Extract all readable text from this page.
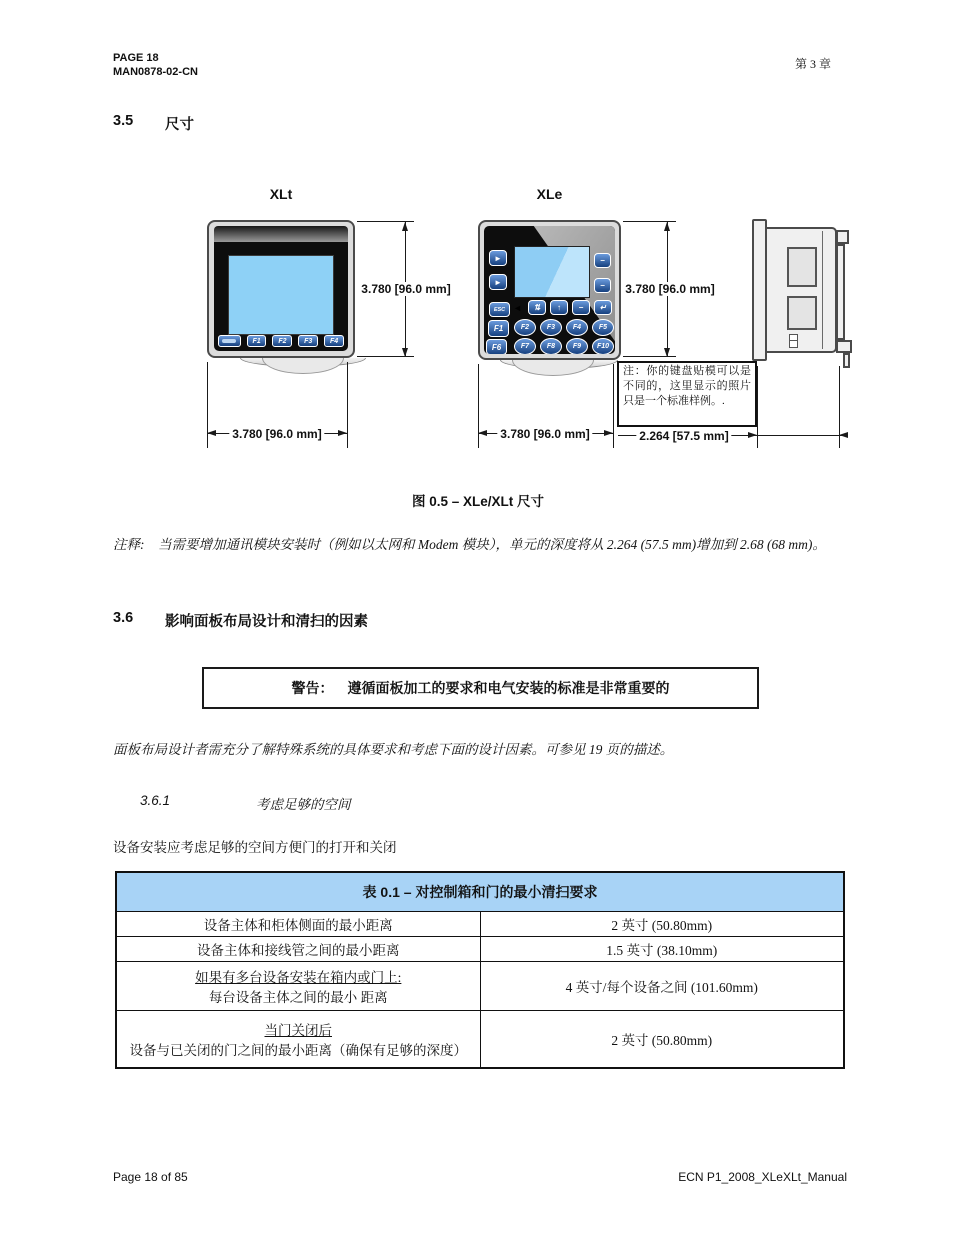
PAGE 18
MAN0878-02-CN
第 3 章
3.5 尺寸
XLt	XLe
F1	F2	F3	F4
►
►
−
−
ESC ◄	⇅	↑	−	↵
F1	F2	F3	F4	F5
F6	F7	F8	F9	F10
3.780 [96.0 mm]
3.780 [96.0 mm]
3.780 [96.0 mm]
3.780 [96.0 mm]	2.264 [57.5 mm]
注：你的键盘贴模可以是不同的，这里显示的照片只是一个标准样例。.
图 0.5 – XLe/XLt 尺寸
注释: 当需要增加通讯模块安装时（例如以太网和 Modem 模块），单元的深度将从 2.264 (57.5 mm)增加到 2.68 (68 mm)。
3.6 影响面板布局设计和清扫的因素
警告： 遵循面板加工的要求和电气安装的标准是非常重要的
面板布局设计者需充分了解特殊系统的具体要求和考虑下面的设计因素。可参见 19 页的描述。
3.6.1	考虑足够的空间
设备安装应考虑足够的空间方便门的打开和关闭
表 0.1 – 对控制箱和门的最小清扫要求	
设备主体和柜体侧面的最小距离	2 英寸 (50.80mm)
设备主体和接线管之间的最小距离	1.5 英寸 (38.10mm)

如果有多台设备安装在箱内或门上:
每台设备主体之间的最小 距离	4 英寸/每个设备之间 (101.60mm)

当门关闭后
设备与已关闭的门之间的最小距离（确保有足够的深度）	2 英寸 (50.80mm)
Page 18 of 85	ECN P1_2008_XLeXLt_Manual
